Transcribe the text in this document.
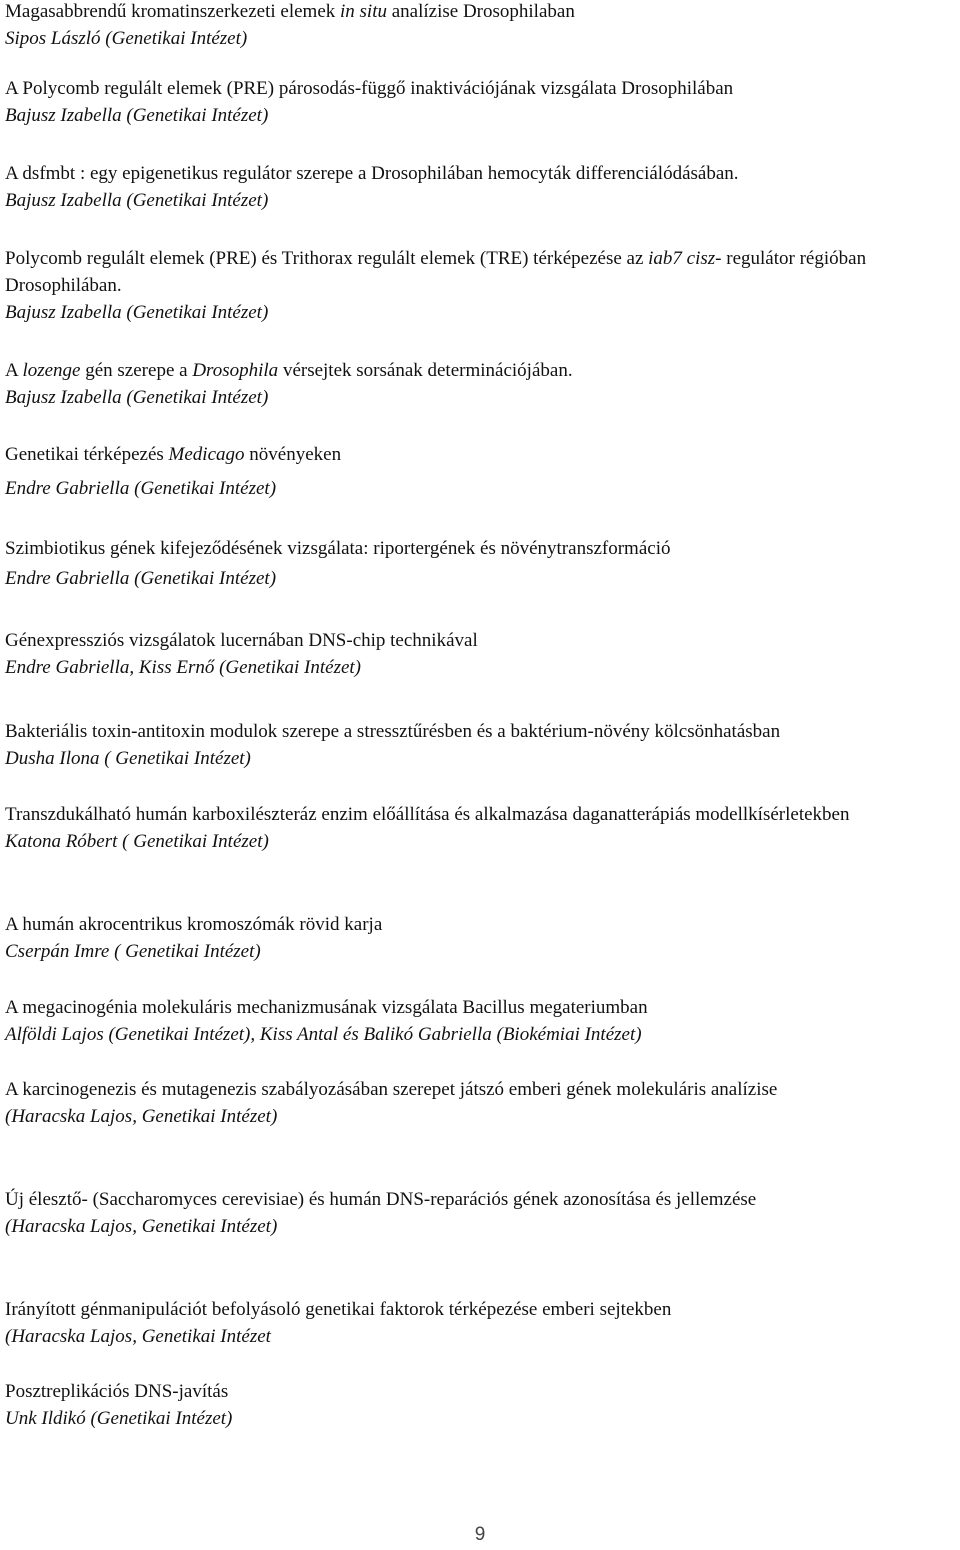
Magasabbrendű kromatinszerkezeti elemek in situ analízise Drosophilaban
Sipos László (Genetikai Intézet)
A Polycomb regulált elemek (PRE) párosodás-függő inaktivációjának vizsgálata Drosophilában
Bajusz Izabella (Genetikai Intézet)
A dsfmbt : egy epigenetikus regulátor szerepe a Drosophilában hemocyták differenciálódásában.
Bajusz Izabella (Genetikai Intézet)
Polycomb regulált elemek (PRE) és Trithorax regulált elemek (TRE) térképezése az iab7 cisz- regulátor régióban Drosophilában.
Bajusz Izabella (Genetikai Intézet)
A lozenge gén szerepe a Drosophila vérsejtek sorsának determinációjában.
Bajusz Izabella (Genetikai Intézet)
Genetikai térképezés Medicago növényeken
Endre Gabriella (Genetikai Intézet)
Szimbiotikus gének kifejeződésének vizsgálata: riportergének és növénytranszformáció
Endre Gabriella (Genetikai Intézet)
Génexpressziós vizsgálatok lucernában DNS-chip technikával
Endre Gabriella, Kiss Ernő (Genetikai Intézet)
Bakteriális toxin-antitoxin modulok szerepe a stressztűrésben és a baktérium-növény kölcsönhatásban
Dusha Ilona ( Genetikai Intézet)
Transzdukálható humán karboxilészteráz enzim előállítása és alkalmazása daganatterápiás modellkísérletekben
Katona Róbert ( Genetikai Intézet)
A humán akrocentrikus kromoszómák rövid karja
Cserpán Imre ( Genetikai Intézet)
A megacinogénia molekuláris mechanizmusának vizsgálata Bacillus megateriumban
Alföldi Lajos (Genetikai Intézet), Kiss Antal és Balikó Gabriella (Biokémiai Intézet)
A karcinogenezis és mutagenezis szabályozásában szerepet játszó emberi gének molekuláris analízise
(Haracska Lajos, Genetikai Intézet)
Új élesztő- (Saccharomyces cerevisiae) és humán DNS-reparációs gének azonosítása és jellemzése
(Haracska Lajos, Genetikai Intézet)
Irányított génmanipulációt befolyásoló genetikai faktorok térképezése emberi sejtekben
(Haracska Lajos, Genetikai Intézet
Posztreplikációs DNS-javítás
Unk Ildikó (Genetikai Intézet)
9
